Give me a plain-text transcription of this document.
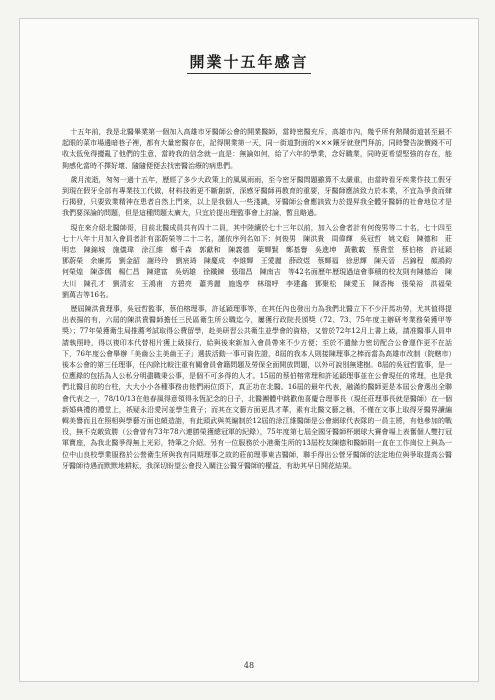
開業十五年感言

十五年前，我是北醫畢業第一個加入高雄市牙醫師公會的開業醫師，當時密醫充斥，高雄市內，幾乎所有熱鬧街道甚至最不起眼的菜市場邊暗巷子裡，都有大量密醫存在，記得開業第一天，同一街道對面的×××鑲牙就登門拜訪，同時警告說價錢不可收太低免得擾亂了他們的生意，當時我的信念就一直是：無論如何，給了六年的學業，念好職業，同時更希望堅強的存在，能夠感化當時不擇好壞、隨隨便便去找密醫治療的病患們。

歲月流逝，匆匆一過十五年，歷經了多少大政策上的風風雨雨，至今密牙醫問題雖算不太嚴重，由當時看牙疾業作技工假牙到現在假牙全部有專業技工代做，材料技術更不斷創新，深感牙醫師再教育的重要，牙醫師應該致力於本業，不宜為爭食而肆行揭發，只要致業精神在患者自然上門來，以上是我個人一些淺識，牙醫師公會應該致力於提昇我全體牙醫師的社會地位才是我們要深論的問題，但是這種問題太廣大，只宜於提出理監事會上討論，暫且略過。

現在來介紹北醫帥哥，目前北醫成員共有四十二員，其中陸續於七十三年以前，加入公會者計有何俊男等二十名，七十四至七十八年十月加入會員者計有邵蔚榮等二十二名，謹依序列名如下：何俊男　陳洪貴　周偉輝　吳冠哲　姚文彪　陳德和　莊明忠　陳錦城　施儀瑋　涂江維　鄭千森　郭獻和　陳義德　葉輝賢　鄭基譽　吳進坤　黃數載　蔡貴堂　蔡伯榕　許延穎　鄧蔚榮　余廉馬　劉金韶　謝玲玲　劉宸琦　陳慶成　李維輝　王愛麗　薛政煜　蔡輝福　徐思輝　陳天晉　呂錦程　顏鴻鈞　何榮煌　陳彥儒　楊仁昌　陳建富　吳炳雄　徐鐵鍊　張瑞昌　陳南吉　等42名面歷年歷現過這會事積的校友則有陳德治　陳大川　陳孔才　劉清宏　王鴻甫　方碧亮　蕭秀麗　施逸亭　林瑞呼　李建鑫　鄧聚松　陳愛玉　陳香梅　張榮裕　洪福榮　劉萬吉等16名。

歷屆陳洪貴理事，吳冠哲監事，蔡伯榕理事，許延穎理事等，在其任內也發出力為我們北醫立下不少汗馬功勞，尤其值得提出表揚的有，六屆的陳洪貴醫師擔任三民區衛生所公職迄今，屢獲行政院長頒獎（72、73、75年度主辦研考業務榮獲甲等獎）；77年榮獲衛生局推薦考試取得公費留學，赴美研習公共衛生並學會的資格，又曾於72年12月上書上級，請准醫事人員申請執照時，得以複印本代替相片獲上級採行，給與後來新加入會員帶來不少方便；至於不遺餘力密切配合公會運作更不在話下，76年度公會舉辦「美齒公主美齒王子」選拔活動一事可資佐證，8屆的我本人則接陳理事之棒而當為高雄市改制（院轄市）後本公會的第三任理事，任內除比較注重有關會員會籍問題及勞保全面開放問題，以外可說別無建樹。8屆的吳冠哲監事，是一位應錄的包括為人公私分明盡職秉公事，是個不可多得的人才。15屆的蔡伯榕常理和許延穎理事並在公會現任的常理，也是我們北醫目前的台柱，大大小小各種事務由他們兩位頂下，真正功在北醫。16屆的最年代表，融滿約醫師更是本屆公會選出全聯會代表之一，78/10/13在他春風得意領得永恆記念的日子，北醫團體中跳歡他喜慶合理事長（現任莊理事長就是醫師）在一個新婚典禮的禮堂上，祇疑永沿愛河並學生貴子；而其在文藝方面更具才華，素有北醫文藝之稱，不僅在文事上取得牙醫界讀編輯美譽而且在照相與學藝方面也頗造詣，有此頭武與英編制於12屆的涂江維醫師是公會網球代表隊的一員主將，有他參加的戰役，無不克敵致勝（公會曾有73年78六連勝榮獲總冠軍的紀錄），75年度第七屆全國牙醫師杯網球大賽會場上表奮個人雙打冠軍寶座，為我北醫爭得無上光彩，特筆之介紹。另有一位服務於小港衛生所的13屆校友陳德和醫師則一直在工作崗位上與為一位中山良校學業服務於公營衛生所與我有同期理事之故的莊前理事東吉醫師，聯手得出公營牙醫師的法定地位與爭取提高公醫牙醫師待遇而默默地耕耘，我深切盼望公會投入關注公醫牙醫師的權益，有助其早日開花結果。

48
